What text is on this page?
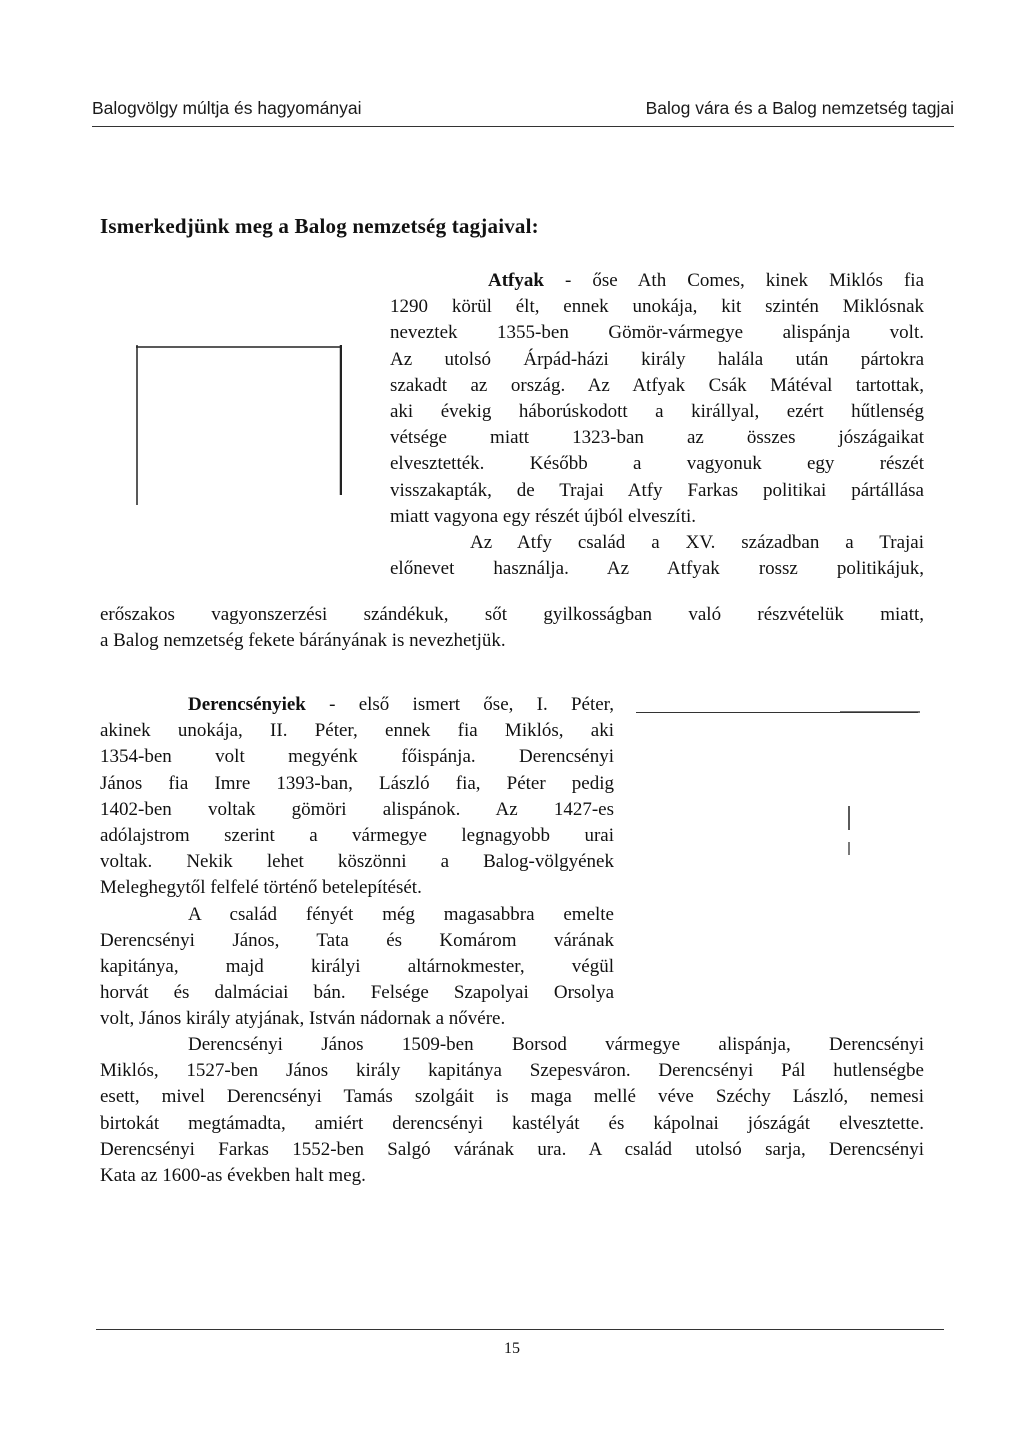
Balogvölgy múltja és hagyományai	Balog vára és a Balog nemzetség tagjai
Ismerkedjünk meg a Balog nemzetség tagjaival:
Atfyak - őse Ath Comes, kinek Miklós fia
1290 körül élt, ennek unokája, kit szintén Miklósnak
neveztek 1355-ben Gömör-vármegye alispánja volt.
Az utolsó Árpád-házi király halála után pártokra
szakadt az ország. Az Atfyak Csák Mátéval tartottak,
aki évekig háborúskodott a királlyal, ezért hűtlenség
vétsége miatt 1323-ban az összes jószágaikat
elvesztették. Később a vagyonuk egy részét
visszakapták, de Trajai Atfy Farkas politikai pártállása
miatt vagyona egy részét újból elveszíti.
Az Atfy család a XV. században a Trajai
előnevet használja. Az Atfyak rossz politikájuk,
erőszakos vagyonszerzési szándékuk, sőt gyilkosságban való részvételük miatt,
a Balog nemzetség fekete bárányának is nevezhetjük.
Derencsényiek - első ismert őse, I. Péter,
akinek unokája, II. Péter, ennek fia Miklós, aki
1354-ben volt megyénk főispánja. Derencsényi
János fia Imre 1393-ban, László fia, Péter pedig
1402-ben voltak gömöri alispánok. Az 1427-es
adólajstrom szerint a vármegye legnagyobb urai
voltak. Nekik lehet köszönni a Balog-völgyének
Meleghegytől felfelé történő betelepítését.
A család fényét még magasabbra emelte
Derencsényi János, Tata és Komárom várának
kapitánya, majd királyi altárnokmester, végül
horvát és dalmáciai bán. Felsége Szapolyai Orsolya
volt, János király atyjának, István nádornak a nővére.
Derencsényi János 1509-ben Borsod vármegye alispánja, Derencsényi
Miklós, 1527-ben János király kapitánya Szepesváron. Derencsényi Pál hutlenségbe
esett, mivel Derencsényi Tamás szolgáit is maga mellé véve Széchy László, nemesi
birtokát megtámadta, amiért derencsényi kastélyát és kápolnai jószágát elvesztette.
Derencsényi Farkas 1552-ben Salgó várának ura. A család utolsó sarja, Derencsényi
Kata az 1600-as években halt meg.
15
